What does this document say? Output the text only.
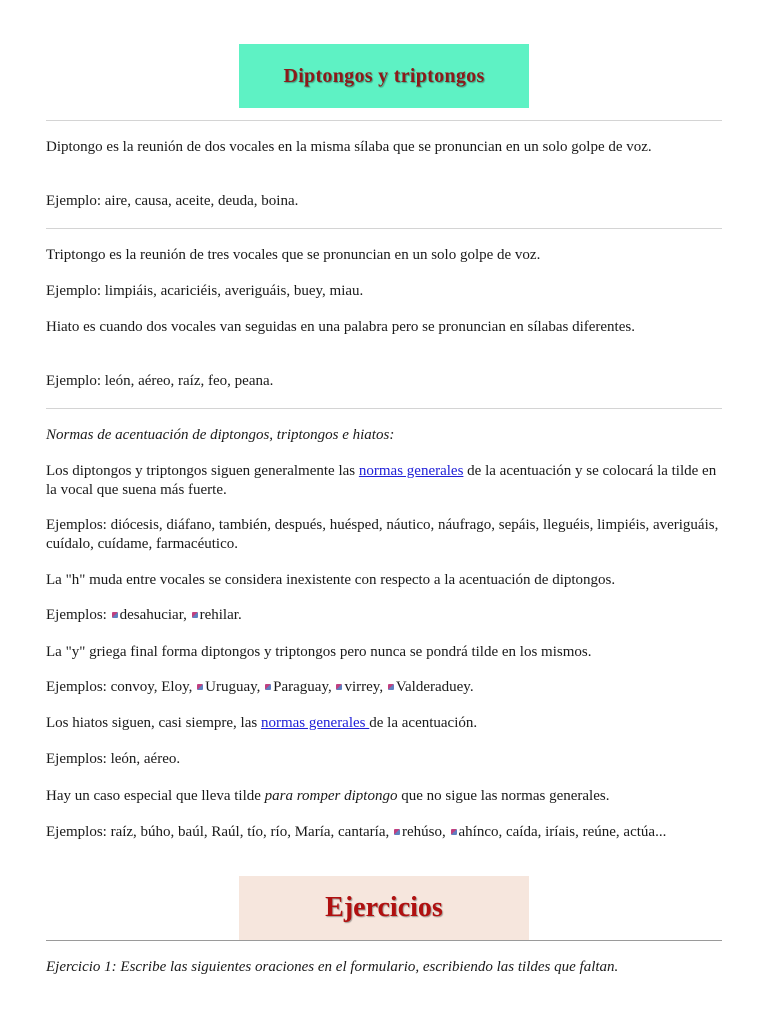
Diptongos y triptongos

Diptongo es la reunión de dos vocales en la misma sílaba que se pronuncian en un solo golpe de voz.

Ejemplo: aire, causa, aceite, deuda, boina.

Triptongo es la reunión de tres vocales que se pronuncian en un solo golpe de voz.

Ejemplo: limpiáis, acariciéis, averiguáis, buey, miau.

Hiato es cuando dos vocales van seguidas en una palabra pero se pronuncian en sílabas diferentes.

Ejemplo: león, aéreo, raíz, feo, peana.

Normas de acentuación de diptongos, triptongos e hiatos:

Los diptongos y triptongos siguen generalmente las normas generales de la acentuación y se colocará la tilde en la vocal que suena más fuerte.

Ejemplos: diócesis, diáfano, también, después, huésped, náutico, náufrago, sepáis, lleguéis, limpiéis, averiguáis, cuídalo, cuídame, farmacéutico.

La "h" muda entre vocales se considera inexistente con respecto a la acentuación de diptongos.

Ejemplos: desahuciar, rehilar.

La "y" griega final forma diptongos y triptongos pero nunca se pondrá tilde en los mismos.

Ejemplos: convoy, Eloy, Uruguay, Paraguay, virrey, Valderaduey.

Los hiatos siguen, casi siempre, las normas generales de la acentuación.

Ejemplos: león, aéreo.

Hay un caso especial que lleva tilde para romper diptongo que no sigue las normas generales.

Ejemplos: raíz, búho, baúl, Raúl, tío, río, María, cantaría, rehúso, ahínco, caída, iríais, reúne, actúa...

Ejercicios

Ejercicio 1: Escribe las siguientes oraciones en el formulario, escribiendo las tildes que faltan.
